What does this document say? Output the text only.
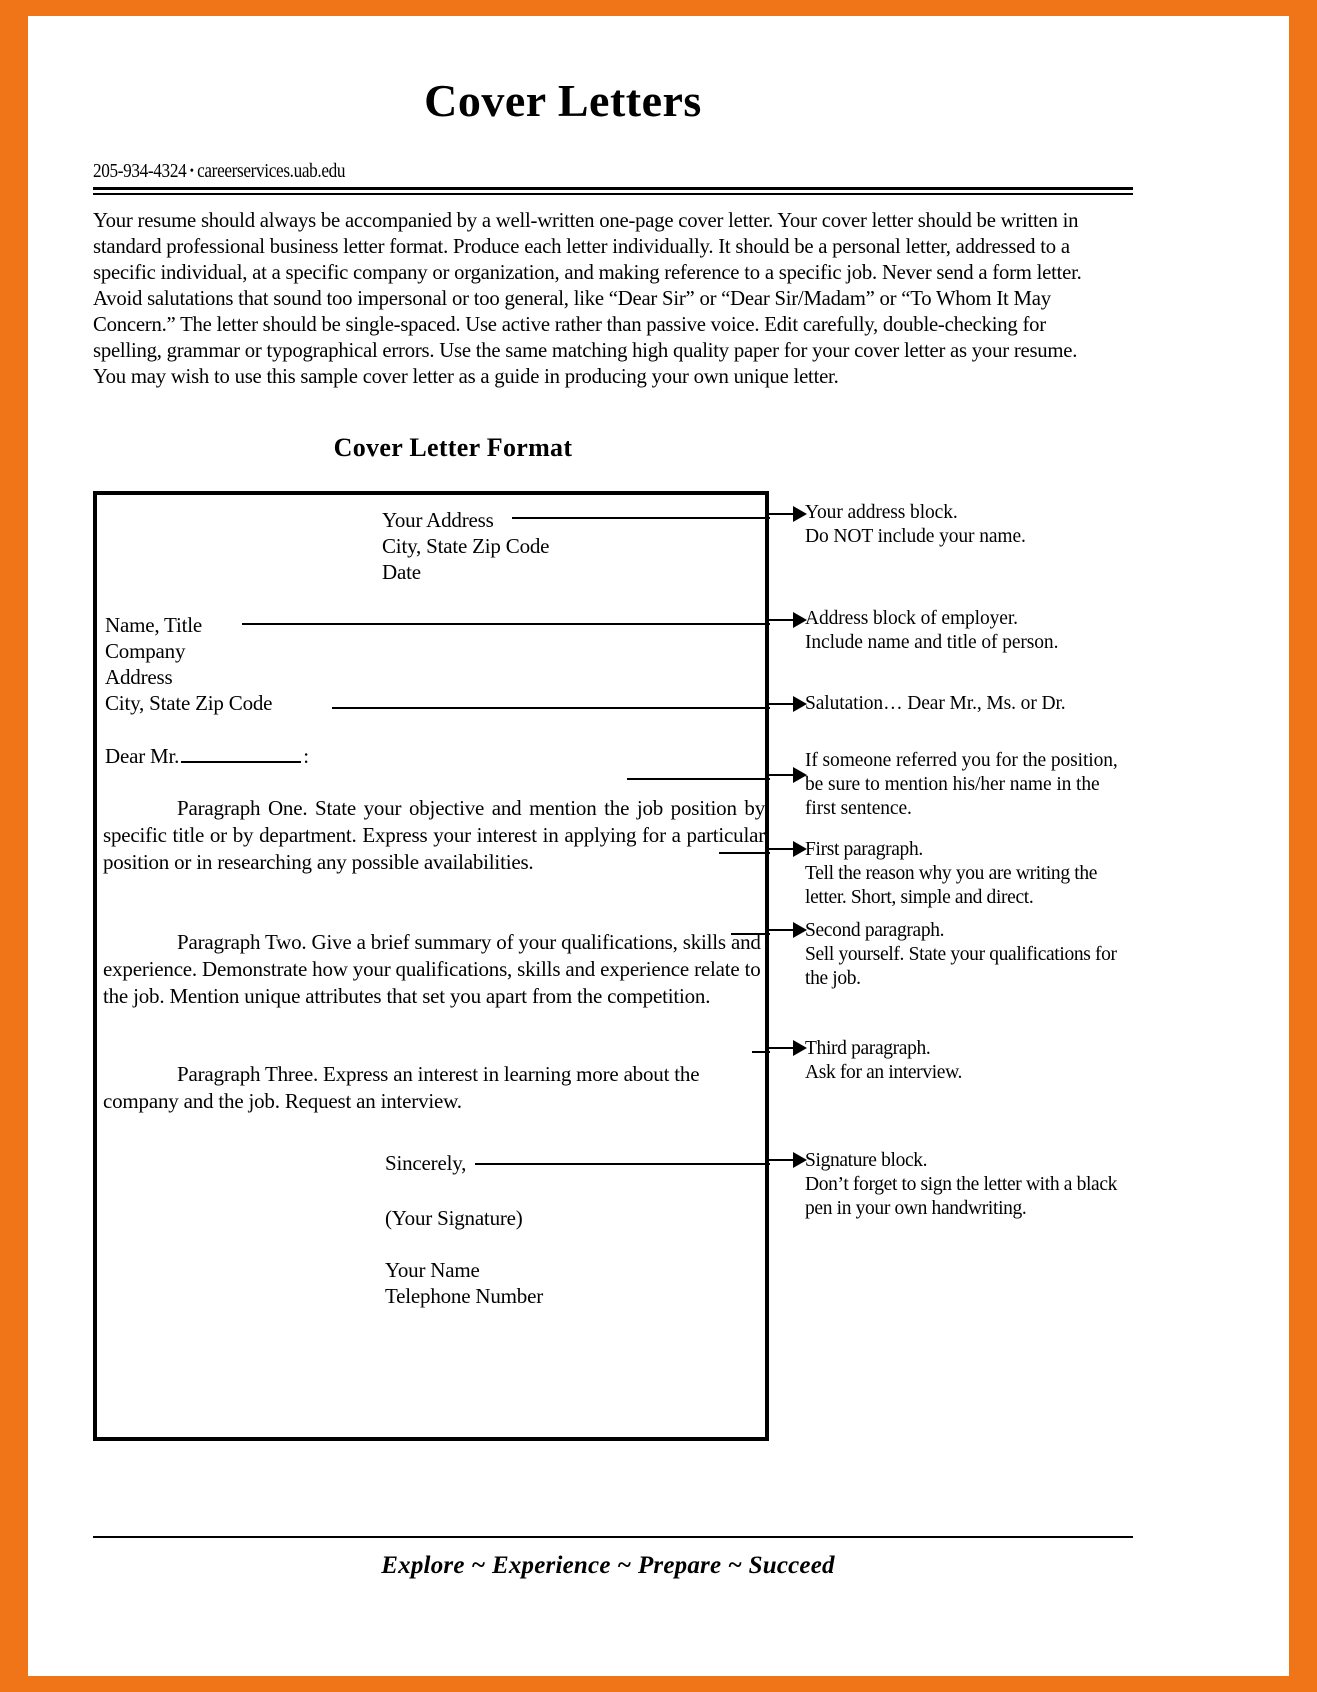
Cover Letters
205-934-4324 • careerservices.uab.edu

Your resume should always be accompanied by a well-written one-page cover letter. Your cover letter should be written in standard professional business letter format. Produce each letter individually. It should be a personal letter, addressed to a specific individual, at a specific company or organization, and making reference to a specific job. Never send a form letter. Avoid salutations that sound too impersonal or too general, like “Dear Sir” or “Dear Sir/Madam” or “To Whom It May Concern.” The letter should be single-spaced. Use active rather than passive voice. Edit carefully, double-checking for spelling, grammar or typographical errors. Use the same matching high quality paper for your cover letter as your resume. You may wish to use this sample cover letter as a guide in producing your own unique letter.

Cover Letter Format
Your Address
City, State Zip Code
Date
Name, Title
Company
Address
City, State Zip Code
Dear Mr.	:
Paragraph One. State your objective and mention the job position by specific title or by department. Express your interest in applying for a particular position or in researching any possible availabilities.
Paragraph Two. Give a brief summary of your qualifications, skills and experience. Demonstrate how your qualifications, skills and experience relate to the job. Mention unique attributes that set you apart from the competition.
Paragraph Three. Express an interest in learning more about the company and the job. Request an interview.
Sincerely,
(Your Signature)
Your Name
Telephone Number
Your address block.
Do NOT include your name.
Address block of employer.
Include name and title of person.
Salutation… Dear Mr., Ms. or Dr.
If someone referred you for the position,
be sure to mention his/her name in the
first sentence.
First paragraph.
Tell the reason why you are writing the
letter. Short, simple and direct.
Second paragraph.
Sell yourself. State your qualifications for
the job.
Third paragraph.
Ask for an interview.
Signature block.
Don’t forget to sign the letter with a black
pen in your own handwriting.
Explore ~ Experience ~ Prepare ~ Succeed
